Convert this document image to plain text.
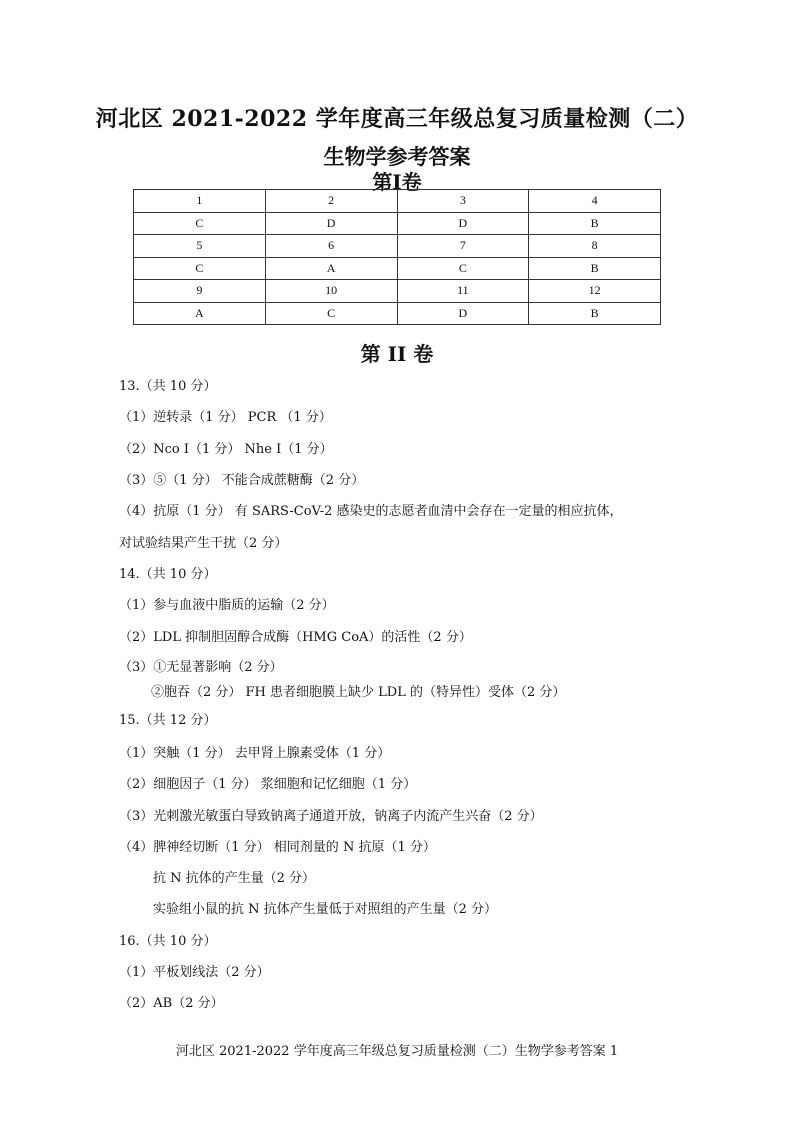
河北区 2021-2022 学年度高三年级总复习质量检测（二）
生物学参考答案
第Ⅰ卷
1	2	3	4
C	D	D	B
5	6	7	8
C	A	C	B
9	10	11	12
A	C	D	B
第 II 卷
13.（共 10 分）
（1）逆转录（1 分） PCR （1 分）
（2）Nco Ⅰ（1 分） Nhe Ⅰ（1 分）
（3）⑤（1 分） 不能合成蔗糖酶（2 分）
（4）抗原（1 分） 有 SARS-CoV-2 感染史的志愿者血清中会存在一定量的相应抗体，
对试验结果产生干扰（2 分）
14.（共 10 分）
（1）参与血液中脂质的运输（2 分）
（2）LDL 抑制胆固醇合成酶（HMG CoA）的活性（2 分）
（3）①无显著影响（2 分）
②胞吞（2 分） FH 患者细胞膜上缺少 LDL 的（特异性）受体（2 分）
15.（共 12 分）
（1）突触（1 分） 去甲肾上腺素受体（1 分）
（2）细胞因子（1 分） 浆细胞和记忆细胞（1 分）
（3）光刺激光敏蛋白导致钠离子通道开放，钠离子内流产生兴奋（2 分）
（4）脾神经切断（1 分） 相同剂量的 N 抗原（1 分）
抗 N 抗体的产生量（2 分）
实验组小鼠的抗 N 抗体产生量低于对照组的产生量（2 分）
16.（共 10 分）
（1）平板划线法（2 分）
（2）AB（2 分）
河北区 2021-2022 学年度高三年级总复习质量检测（二）生物学参考答案 1
